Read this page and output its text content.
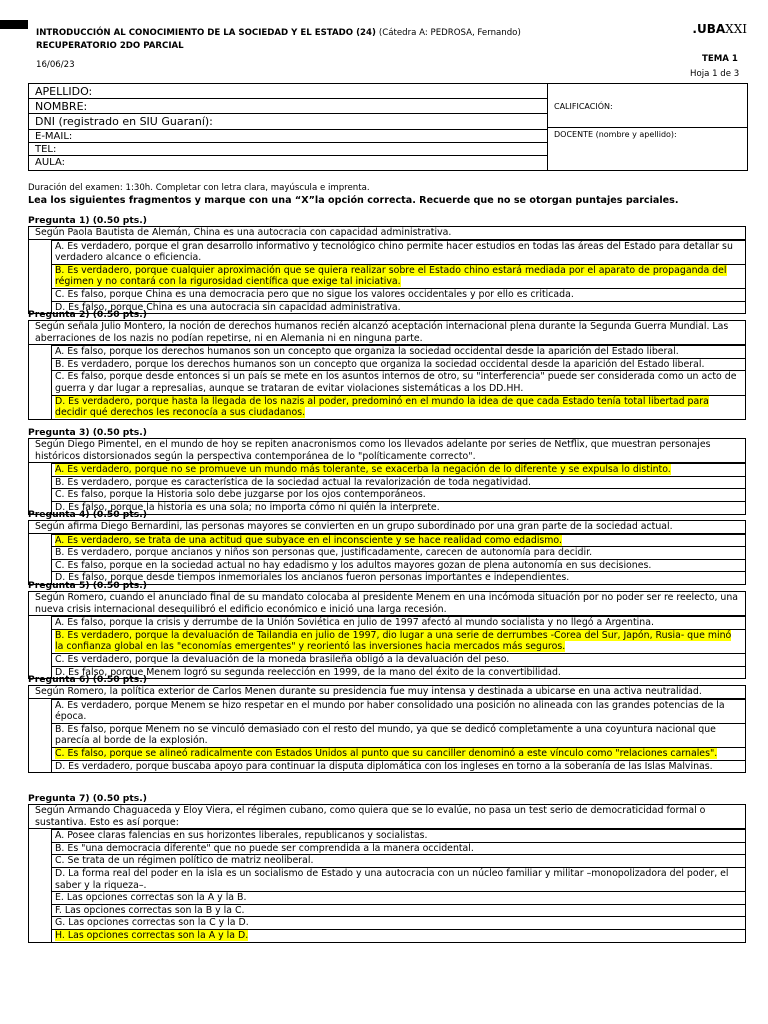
INTRODUCCIÓN AL CONOCIMIENTO DE LA SOCIEDAD Y EL ESTADO (24) (Cátedra A: PEDROSA, Fernando)
RECUPERATORIO 2DO PARCIAL
.UBAXXI
16/06/23
TEMA 1
Hoja 1 de 3
APELLIDO:
NOMBRE:
DNI (registrado en SIU Guaraní):
E-MAIL:
TEL:
AULA:
CALIFICACIÓN:
DOCENTE (nombre y apellido):
Duración del examen: 1:30h. Completar con letra clara, mayúscula e imprenta.
Lea los siguientes fragmentos y marque con una “X”la opción correcta. Recuerde que no se otorgan puntajes parciales.
Pregunta 1) (0.50 pts.)
Según Paola Bautista de Alemán, China es una autocracia con capacidad administrativa.
A. Es verdadero, porque el gran desarrollo informativo y tecnológico chino permite hacer estudios en todas las áreas del Estado para detallar su verdadero alcance o eficiencia.
B. Es verdadero, porque cualquier aproximación que se quiera realizar sobre el Estado chino estará mediada por el aparato de propaganda del régimen y no contará con la rigurosidad científica que exige tal iniciativa.
C. Es falso, porque China es una democracia pero que no sigue los valores occidentales y por ello es criticada.
D. Es falso, porque China es una autocracia sin capacidad administrativa.
Pregunta 2) (0.50 pts.)
Según señala Julio Montero, la noción de derechos humanos recién alcanzó aceptación internacional plena durante la Segunda Guerra Mundial. Las aberraciones de los nazis no podían repetirse, ni en Alemania ni en ninguna parte.
A. Es falso, porque los derechos humanos son un concepto que organiza la sociedad occidental desde la aparición del Estado liberal.
B. Es verdadero, porque los derechos humanos son un concepto que organiza la sociedad occidental desde la aparición del Estado liberal.
C. Es falso, porque desde entonces si un país se mete en los asuntos internos de otro, su "interferencia" puede ser considerada como un acto de guerra y dar lugar a represalias, aunque se trataran de evitar violaciones sistemáticas a los DD.HH.
D. Es verdadero, porque hasta la llegada de los nazis al poder, predominó en el mundo la idea de que cada Estado tenía total libertad para decidir qué derechos les reconocía a sus ciudadanos.
Pregunta 3) (0.50 pts.)
Según Diego Pimentel, en el mundo de hoy se repiten anacronismos como los llevados adelante por series de Netflix, que muestran personajes históricos distorsionados según la perspectiva contemporánea de lo "políticamente correcto".
A. Es verdadero, porque no se promueve un mundo más tolerante, se exacerba la negación de lo diferente y se expulsa lo distinto.
B. Es verdadero, porque es característica de la sociedad actual la revalorización de toda negatividad.
C. Es falso, porque la Historia solo debe juzgarse por los ojos contemporáneos.
D. Es falso, porque la historia es una sola; no importa cómo ni quién la interprete.
Pregunta 4) (0.50 pts.)
Según afirma Diego Bernardini, las personas mayores se convierten en un grupo subordinado por una gran parte de la sociedad actual.
A. Es verdadero, se trata de una actitud que subyace en el inconsciente y se hace realidad como edadismo.
B. Es verdadero, porque ancianos y niños son personas que, justificadamente, carecen de autonomía para decidir.
C. Es falso, porque en la sociedad actual no hay edadismo y los adultos mayores gozan de plena autonomía en sus decisiones.
D. Es falso, porque desde tiempos inmemoriales los ancianos fueron personas importantes e independientes.
Pregunta 5) (0.50 pts.)
Según Romero, cuando el anunciado final de su mandato colocaba al presidente Menem en una incómoda situación por no poder ser re reelecto, una nueva crisis internacional desequilibró el edificio económico e inició una larga recesión.
A. Es falso, porque la crisis y derrumbe de la Unión Soviética en julio de 1997 afectó al mundo socialista y no llegó a Argentina.
B. Es verdadero, porque la devaluación de Tailandia en julio de 1997, dio lugar a una serie de derrumbes -Corea del Sur, Japón, Rusia- que minó la confianza global en las "economías emergentes" y reorientó las inversiones hacia mercados más seguros.
C. Es verdadero, porque la devaluación de la moneda brasileña obligó a la devaluación del peso.
D. Es falso, porque Menem logró su segunda reelección en 1999, de la mano del éxito de la convertibilidad.
Pregunta 6) (0.50 pts.)
Según Romero, la política exterior de Carlos Menen durante su presidencia fue muy intensa y destinada a ubicarse en una activa neutralidad.
A. Es verdadero, porque Menem se hizo respetar en el mundo por haber consolidado una posición no alineada con las grandes potencias de la época.
B. Es falso, porque Menem no se vinculó demasiado con el resto del mundo, ya que se dedicó completamente a una coyuntura nacional que parecía al borde de la explosión.
C. Es falso, porque se alineó radicalmente con Estados Unidos al punto que su canciller denominó a este vínculo como "relaciones carnales".
D. Es verdadero, porque buscaba apoyo para continuar la disputa diplomática con los ingleses en torno a la soberanía de las Islas Malvinas.
Pregunta 7) (0.50 pts.)
Según Armando Chaguaceda y Eloy Viera, el régimen cubano, como quiera que se lo evalúe, no pasa un test serio de democraticidad formal o sustantiva. Esto es así porque:
A. Posee claras falencias en sus horizontes liberales, republicanos y socialistas.
B. Es "una democracia diferente" que no puede ser comprendida a la manera occidental.
C. Se trata de un régimen político de matriz neoliberal.
D. La forma real del poder en la isla es un socialismo de Estado y una autocracia con un núcleo familiar y militar –monopolizadora del poder, el saber y la riqueza–.
E. Las opciones correctas son la A y la B.
F. Las opciones correctas son la B y la C.
G. Las opciones correctas son la C y la D.
H. Las opciones correctas son la A y la D.
